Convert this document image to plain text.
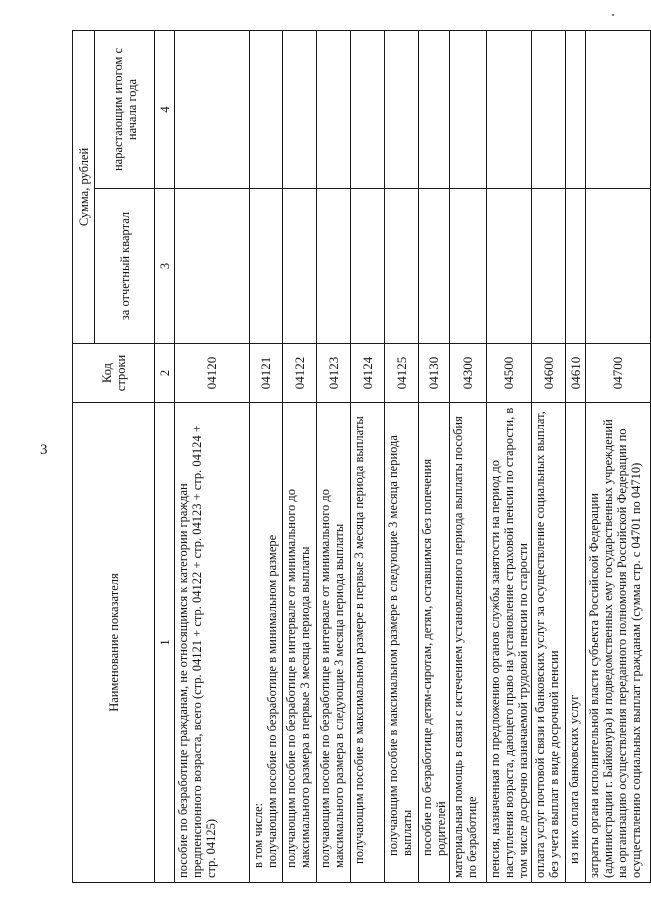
3
Наименование показателя	Код строки	Сумма, рублей	
		за отчетный квартал	нарастающим итогом с начала года
1	2	3	4
пособие по безработице гражданам, не относящимся к категории граждан предпенсионного возраста, всего (стр. 04121 + стр. 04122 + стр. 04123 + стр. 04124 + стр. 04125)	04120		

в том числе: получающим пособие по безработице в минимальном размере	04121		
получающим пособие по безработице в интервале от минимального до максимального размера в первые 3 месяца периода выплаты	04122		
получающим пособие по безработице в интервале от минимального до максимального размера в следующие 3 месяца периода выплаты	04123		
получающим пособие в максимальном размере в первые 3 месяца периода выплаты	04124		
получающим пособие в максимальном размере в следующие 3 месяца периода выплаты	04125		
пособие по безработице детям-сиротам, детям, оставшимся без попечения родителей	04130		
материальная помощь в связи с истечением установленного периода выплаты пособия по безработице	04300		
пенсия, назначенная по предложению органов службы занятости на период до наступления возраста, дающего право на установление страховой пенсии по старости, в том числе досрочно назначаемой трудовой пенсии по старости	04500		
оплата услуг почтовой связи и банковских услуг за осуществление социальных выплат, без учета выплат в виде досрочной пенсии	04600		
из них оплата банковских услуг	04610		
затраты органа исполнительной власти субъекта Российской Федерации (администрации г. Байконура) и подведомственных ему государственных учреждений на организацию осуществления переданного полномочия Российской Федерации по осуществлению социальных выплат гражданам (сумма стр. с 04701 по 04710)	04700		
